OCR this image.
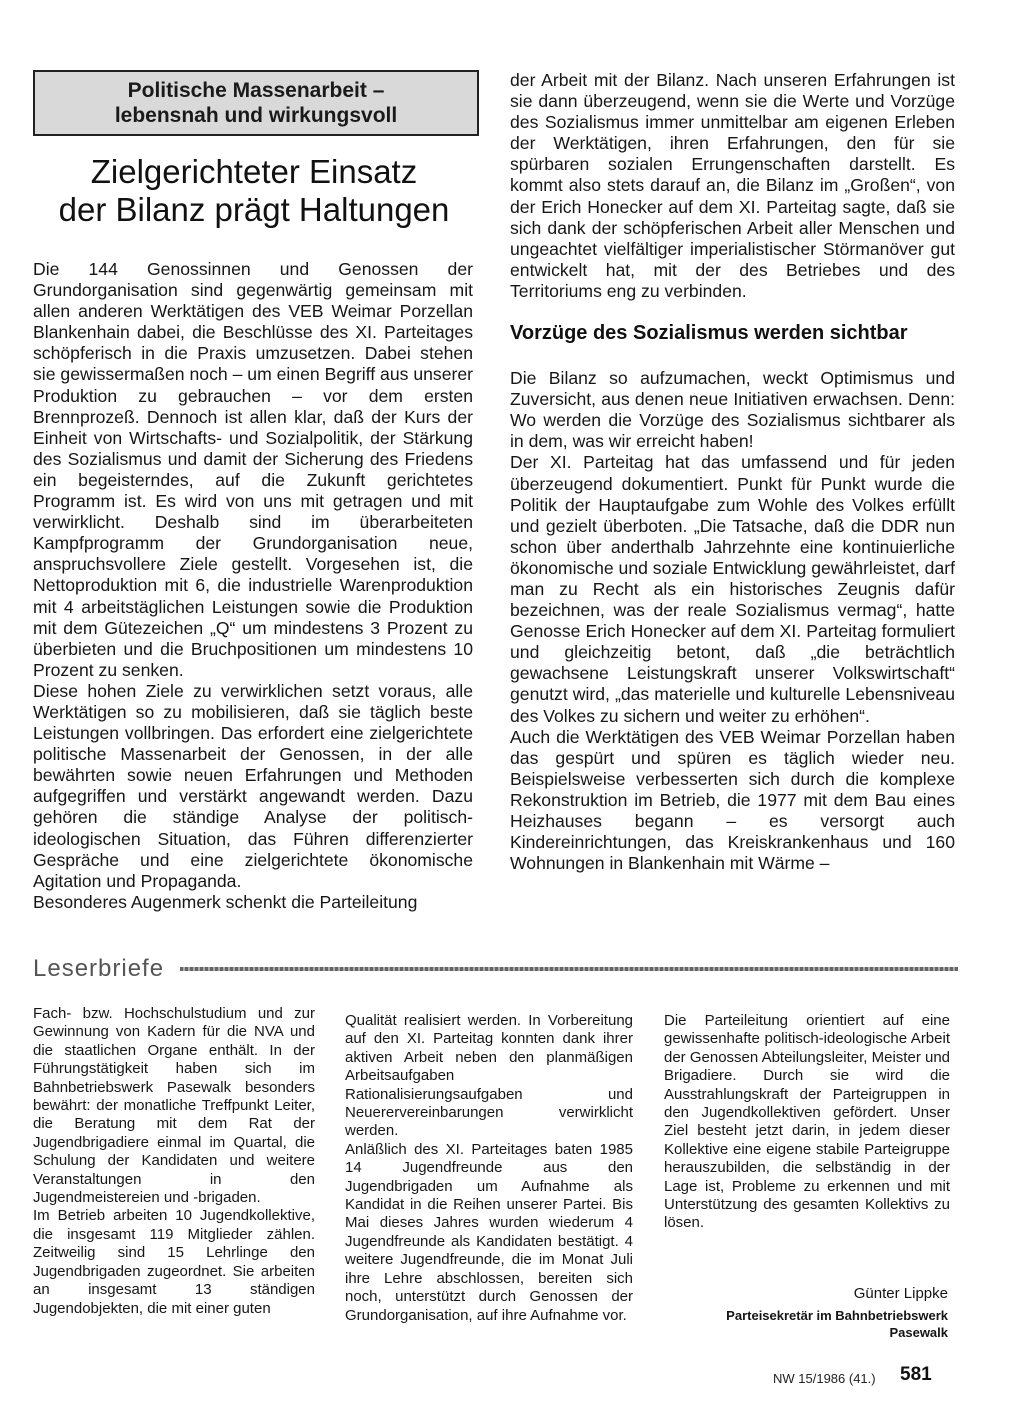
Politische Massenarbeit –
lebensnah und wirkungsvoll
Zielgerichteter Einsatz
der Bilanz prägt Haltungen

Die 144 Genossinnen und Genossen der Grundorganisation sind gegenwärtig gemeinsam mit allen anderen Werktätigen des VEB Weimar Porzellan Blankenhain dabei, die Beschlüsse des XI. Parteitages schöpferisch in die Praxis umzusetzen. Dabei stehen sie gewissermaßen noch – um einen Begriff aus unserer Produktion zu gebrauchen – vor dem ersten Brennprozeß. Dennoch ist allen klar, daß der Kurs der Einheit von Wirtschafts- und Sozialpolitik, der Stärkung des Sozialismus und damit der Sicherung des Friedens ein begeisterndes, auf die Zukunft gerichtetes Programm ist. Es wird von uns mit getragen und mit verwirklicht. Deshalb sind im überarbeiteten Kampfprogramm der Grundorganisation neue, anspruchsvollere Ziele gestellt. Vorgesehen ist, die Nettoproduktion mit 6, die industrielle Warenproduktion mit 4 arbeitstäglichen Leistungen sowie die Produktion mit dem Gütezeichen „Q“ um mindestens 3 Prozent zu überbieten und die Bruchpositionen um mindestens 10 Prozent zu senken.

Diese hohen Ziele zu verwirklichen setzt voraus, alle Werktätigen so zu mobilisieren, daß sie täglich beste Leistungen vollbringen. Das erfordert eine zielgerichtete politische Massenarbeit der Genossen, in der alle bewährten sowie neuen Erfahrungen und Methoden aufgegriffen und verstärkt angewandt werden. Dazu gehören die ständige Analyse der politisch-ideologischen Situation, das Führen differenzierter Gespräche und eine zielgerichtete ökonomische Agitation und Propaganda.

Besonderes Augenmerk schenkt die Parteileitung

der Arbeit mit der Bilanz. Nach unseren Erfahrungen ist sie dann überzeugend, wenn sie die Werte und Vorzüge des Sozialismus immer unmittelbar am eigenen Erleben der Werktätigen, ihren Erfahrungen, den für sie spürbaren sozialen Errungenschaften darstellt. Es kommt also stets darauf an, die Bilanz im „Großen“, von der Erich Honecker auf dem XI. Parteitag sagte, daß sie sich dank der schöpferischen Arbeit aller Menschen und ungeachtet vielfältiger imperialistischer Störmanöver gut entwickelt hat, mit der des Betriebes und des Territoriums eng zu verbinden.

Vorzüge des Sozialismus werden sichtbar

Die Bilanz so aufzumachen, weckt Optimismus und Zuversicht, aus denen neue Initiativen erwachsen. Denn: Wo werden die Vorzüge des Sozialismus sichtbarer als in dem, was wir erreicht haben!

Der XI. Parteitag hat das umfassend und für jeden überzeugend dokumentiert. Punkt für Punkt wurde die Politik der Hauptaufgabe zum Wohle des Volkes erfüllt und gezielt überboten. „Die Tatsache, daß die DDR nun schon über anderthalb Jahrzehnte eine kontinuierliche ökonomische und soziale Entwicklung gewährleistet, darf man zu Recht als ein historisches Zeugnis dafür bezeichnen, was der reale Sozialismus vermag“, hatte Genosse Erich Honecker auf dem XI. Parteitag formuliert und gleichzeitig betont, daß „die beträchtlich gewachsene Leistungskraft unserer Volkswirtschaft“ genutzt wird, „das materielle und kulturelle Lebensniveau des Volkes zu sichern und weiter zu erhöhen“.

Auch die Werktätigen des VEB Weimar Porzellan haben das gespürt und spüren es täglich wieder neu. Beispielsweise verbesserten sich durch die komplexe Rekonstruktion im Betrieb, die 1977 mit dem Bau eines Heizhauses begann – es versorgt auch Kindereinrichtungen, das Kreiskrankenhaus und 160 Wohnungen in Blankenhain mit Wärme –

Leserbriefe

Fach- bzw. Hochschulstudium und zur Gewinnung von Kadern für die NVA und die staatlichen Organe enthält. In der Führungstätigkeit haben sich im Bahnbetriebswerk Pasewalk besonders bewährt: der monatliche Treffpunkt Leiter, die Beratung mit dem Rat der Jugendbrigadiere einmal im Quartal, die Schulung der Kandidaten und weitere Veranstaltungen in den Jugendmeistereien und -brigaden.

Im Betrieb arbeiten 10 Jugendkollektive, die insgesamt 119 Mitglieder zählen. Zeitweilig sind 15 Lehrlinge den Jugendbrigaden zugeordnet. Sie arbeiten an insgesamt 13 ständigen Jugendobjekten, die mit einer guten

Qualität realisiert werden. In Vorbereitung auf den XI. Parteitag konnten dank ihrer aktiven Arbeit neben den planmäßigen Arbeitsaufgaben Rationalisierungsaufgaben und Neuerervereinbarungen verwirklicht werden.

Anläßlich des XI. Parteitages baten 1985 14 Jugendfreunde aus den Jugendbrigaden um Aufnahme als Kandidat in die Reihen unserer Partei. Bis Mai dieses Jahres wurden wiederum 4 Jugendfreunde als Kandidaten bestätigt. 4 weitere Jugendfreunde, die im Monat Juli ihre Lehre abschlossen, bereiten sich noch, unterstützt durch Genossen der Grundorganisation, auf ihre Aufnahme vor.

Die Parteileitung orientiert auf eine gewissenhafte politisch-ideologische Arbeit der Genossen Abteilungsleiter, Meister und Brigadiere. Durch sie wird die Ausstrahlungskraft der Parteigruppen in den Jugendkollektiven gefördert. Unser Ziel besteht jetzt darin, in jedem dieser Kollektive eine eigene stabile Parteigruppe herauszubilden, die selbständig in der Lage ist, Probleme zu erkennen und mit Unterstützung des gesamten Kollektivs zu lösen.

Günter Lippke
Parteisekretär im Bahnbetriebswerk
Pasewalk
NW 15/1986 (41.) 581
